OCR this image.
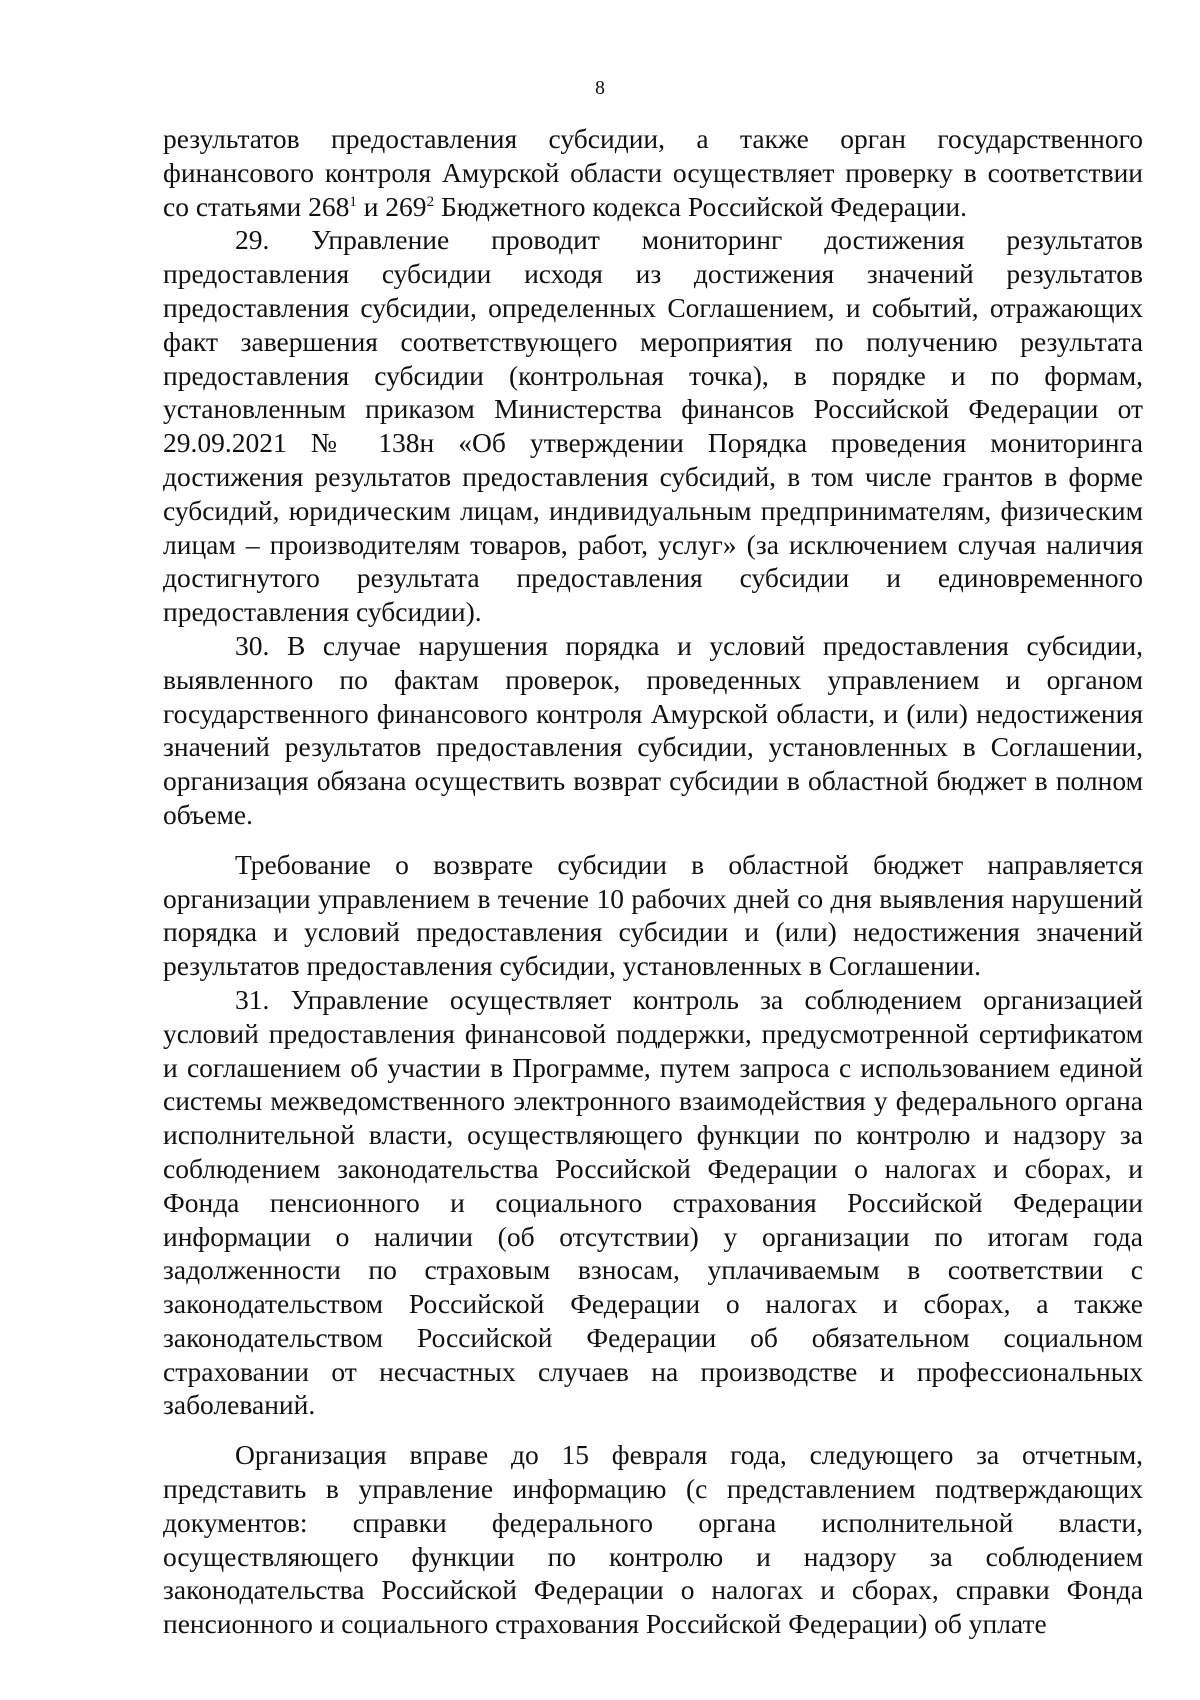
8

результатов предоставления субсидии, а также орган государственного финансового контроля Амурской области осуществляет проверку в соответствии со статьями $268^1$ и $269^2$ Бюджетного кодекса Российской Федерации.

29. Управление проводит мониторинг достижения результатов предоставления субсидии исходя из достижения значений результатов предоставления субсидии, определенных Соглашением, и событий, отражающих факт завершения соответствующего мероприятия по получению результата предоставления субсидии (контрольная точка), в порядке и по формам, установленным приказом Министерства финансов Российской Федерации от 29.09.2021 № 138н «Об утверждении Порядка проведения мониторинга достижения результатов предоставления субсидий, в том числе грантов в форме субсидий, юридическим лицам, индивидуальным предпринимателям, физическим лицам – производителям товаров, работ, услуг» (за исключением случая наличия достигнутого результата предоставления субсидии и единовременного предоставления субсидии).

30. В случае нарушения порядка и условий предоставления субсидии, выявленного по фактам проверок, проведенных управлением и органом государственного финансового контроля Амурской области, и (или) недостижения значений результатов предоставления субсидии, установленных в Соглашении, организация обязана осуществить возврат субсидии в областной бюджет в полном объеме.

Требование о возврате субсидии в областной бюджет направляется организации управлением в течение 10 рабочих дней со дня выявления нарушений порядка и условий предоставления субсидии и (или) недостижения значений результатов предоставления субсидии, установленных в Соглашении.

31. Управление осуществляет контроль за соблюдением организацией условий предоставления финансовой поддержки, предусмотренной сертификатом и соглашением об участии в Программе, путем запроса с использованием единой системы межведомственного электронного взаимодействия у федерального органа исполнительной власти, осуществляющего функции по контролю и надзору за соблюдением законодательства Российской Федерации о налогах и сборах, и Фонда пенсионного и социального страхования Российской Федерации информации о наличии (об отсутствии) у организации по итогам года задолженности по страховым взносам, уплачиваемым в соответствии с законодательством Российской Федерации о налогах и сборах, а также законодательством Российской Федерации об обязательном социальном страховании от несчастных случаев на производстве и профессиональных заболеваний.

Организация вправе до 15 февраля года, следующего за отчетным, представить в управление информацию (с представлением подтверждающих документов: справки федерального органа исполнительной власти, осуществляющего функции по контролю и надзору за соблюдением законодательства Российской Федерации о налогах и сборах, справки Фонда пенсионного и социального страхования Российской Федерации) об уплате
